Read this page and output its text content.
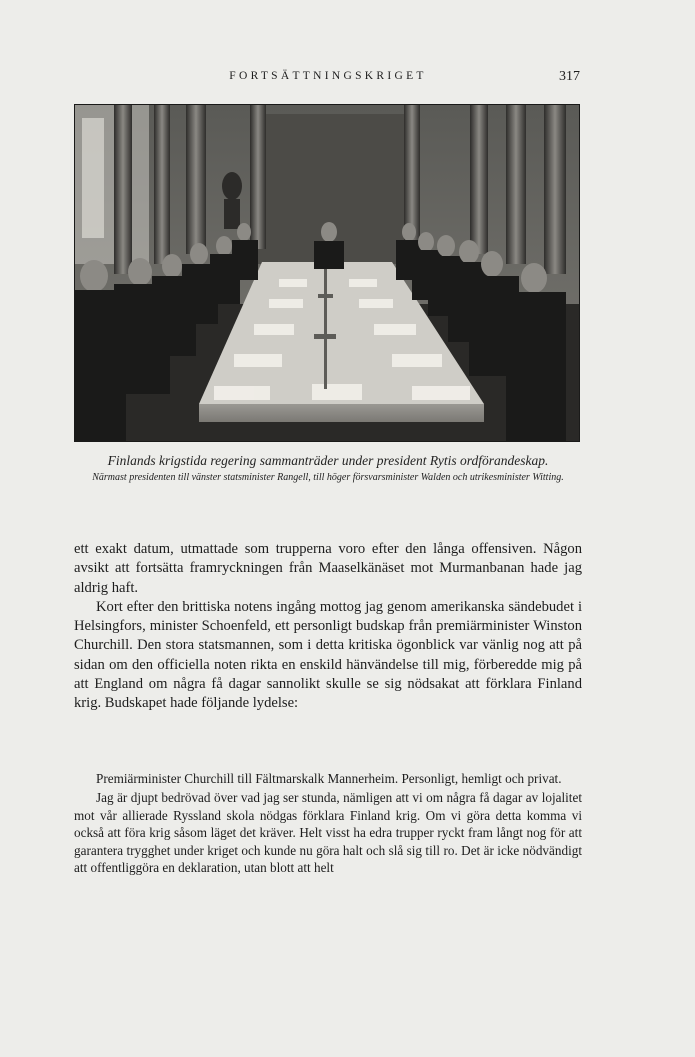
FORTSÄTTNINGSKRIGET	317
Finlands krigstida regering sammanträder under president Rytis ordförandeskap.
Närmast presidenten till vänster statsminister Rangell, till höger försvarsminister Walden och utrikesminister Witting.

ett exakt datum, utmattade som trupperna voro efter den långa offensiven. Någon avsikt att fortsätta framryckningen från Maaselkänäset mot Murmanbanan hade jag aldrig haft.

Kort efter den brittiska notens ingång mottog jag genom amerikanska sändebudet i Helsingfors, minister Schoenfeld, ett personligt budskap från premiärminister Winston Churchill. Den stora statsmannen, som i detta kritiska ögonblick var vänlig nog att på sidan om den officiella noten rikta en enskild hänvändelse till mig, förberedde mig på att England om några få dagar sannolikt skulle se sig nödsakat att förklara Finland krig. Budskapet hade följande lydelse:

Premiärminister Churchill till Fältmarskalk Mannerheim. Personligt, hemligt och privat.

Jag är djupt bedrövad över vad jag ser stunda, nämligen att vi om några få dagar av lojalitet mot vår allierade Ryssland skola nödgas förklara Finland krig. Om vi göra detta komma vi också att föra krig såsom läget det kräver. Helt visst ha edra trupper ryckt fram långt nog för att garantera trygghet under kriget och kunde nu göra halt och slå sig till ro. Det är icke nödvändigt att offentliggöra en deklaration, utan blott att helt
